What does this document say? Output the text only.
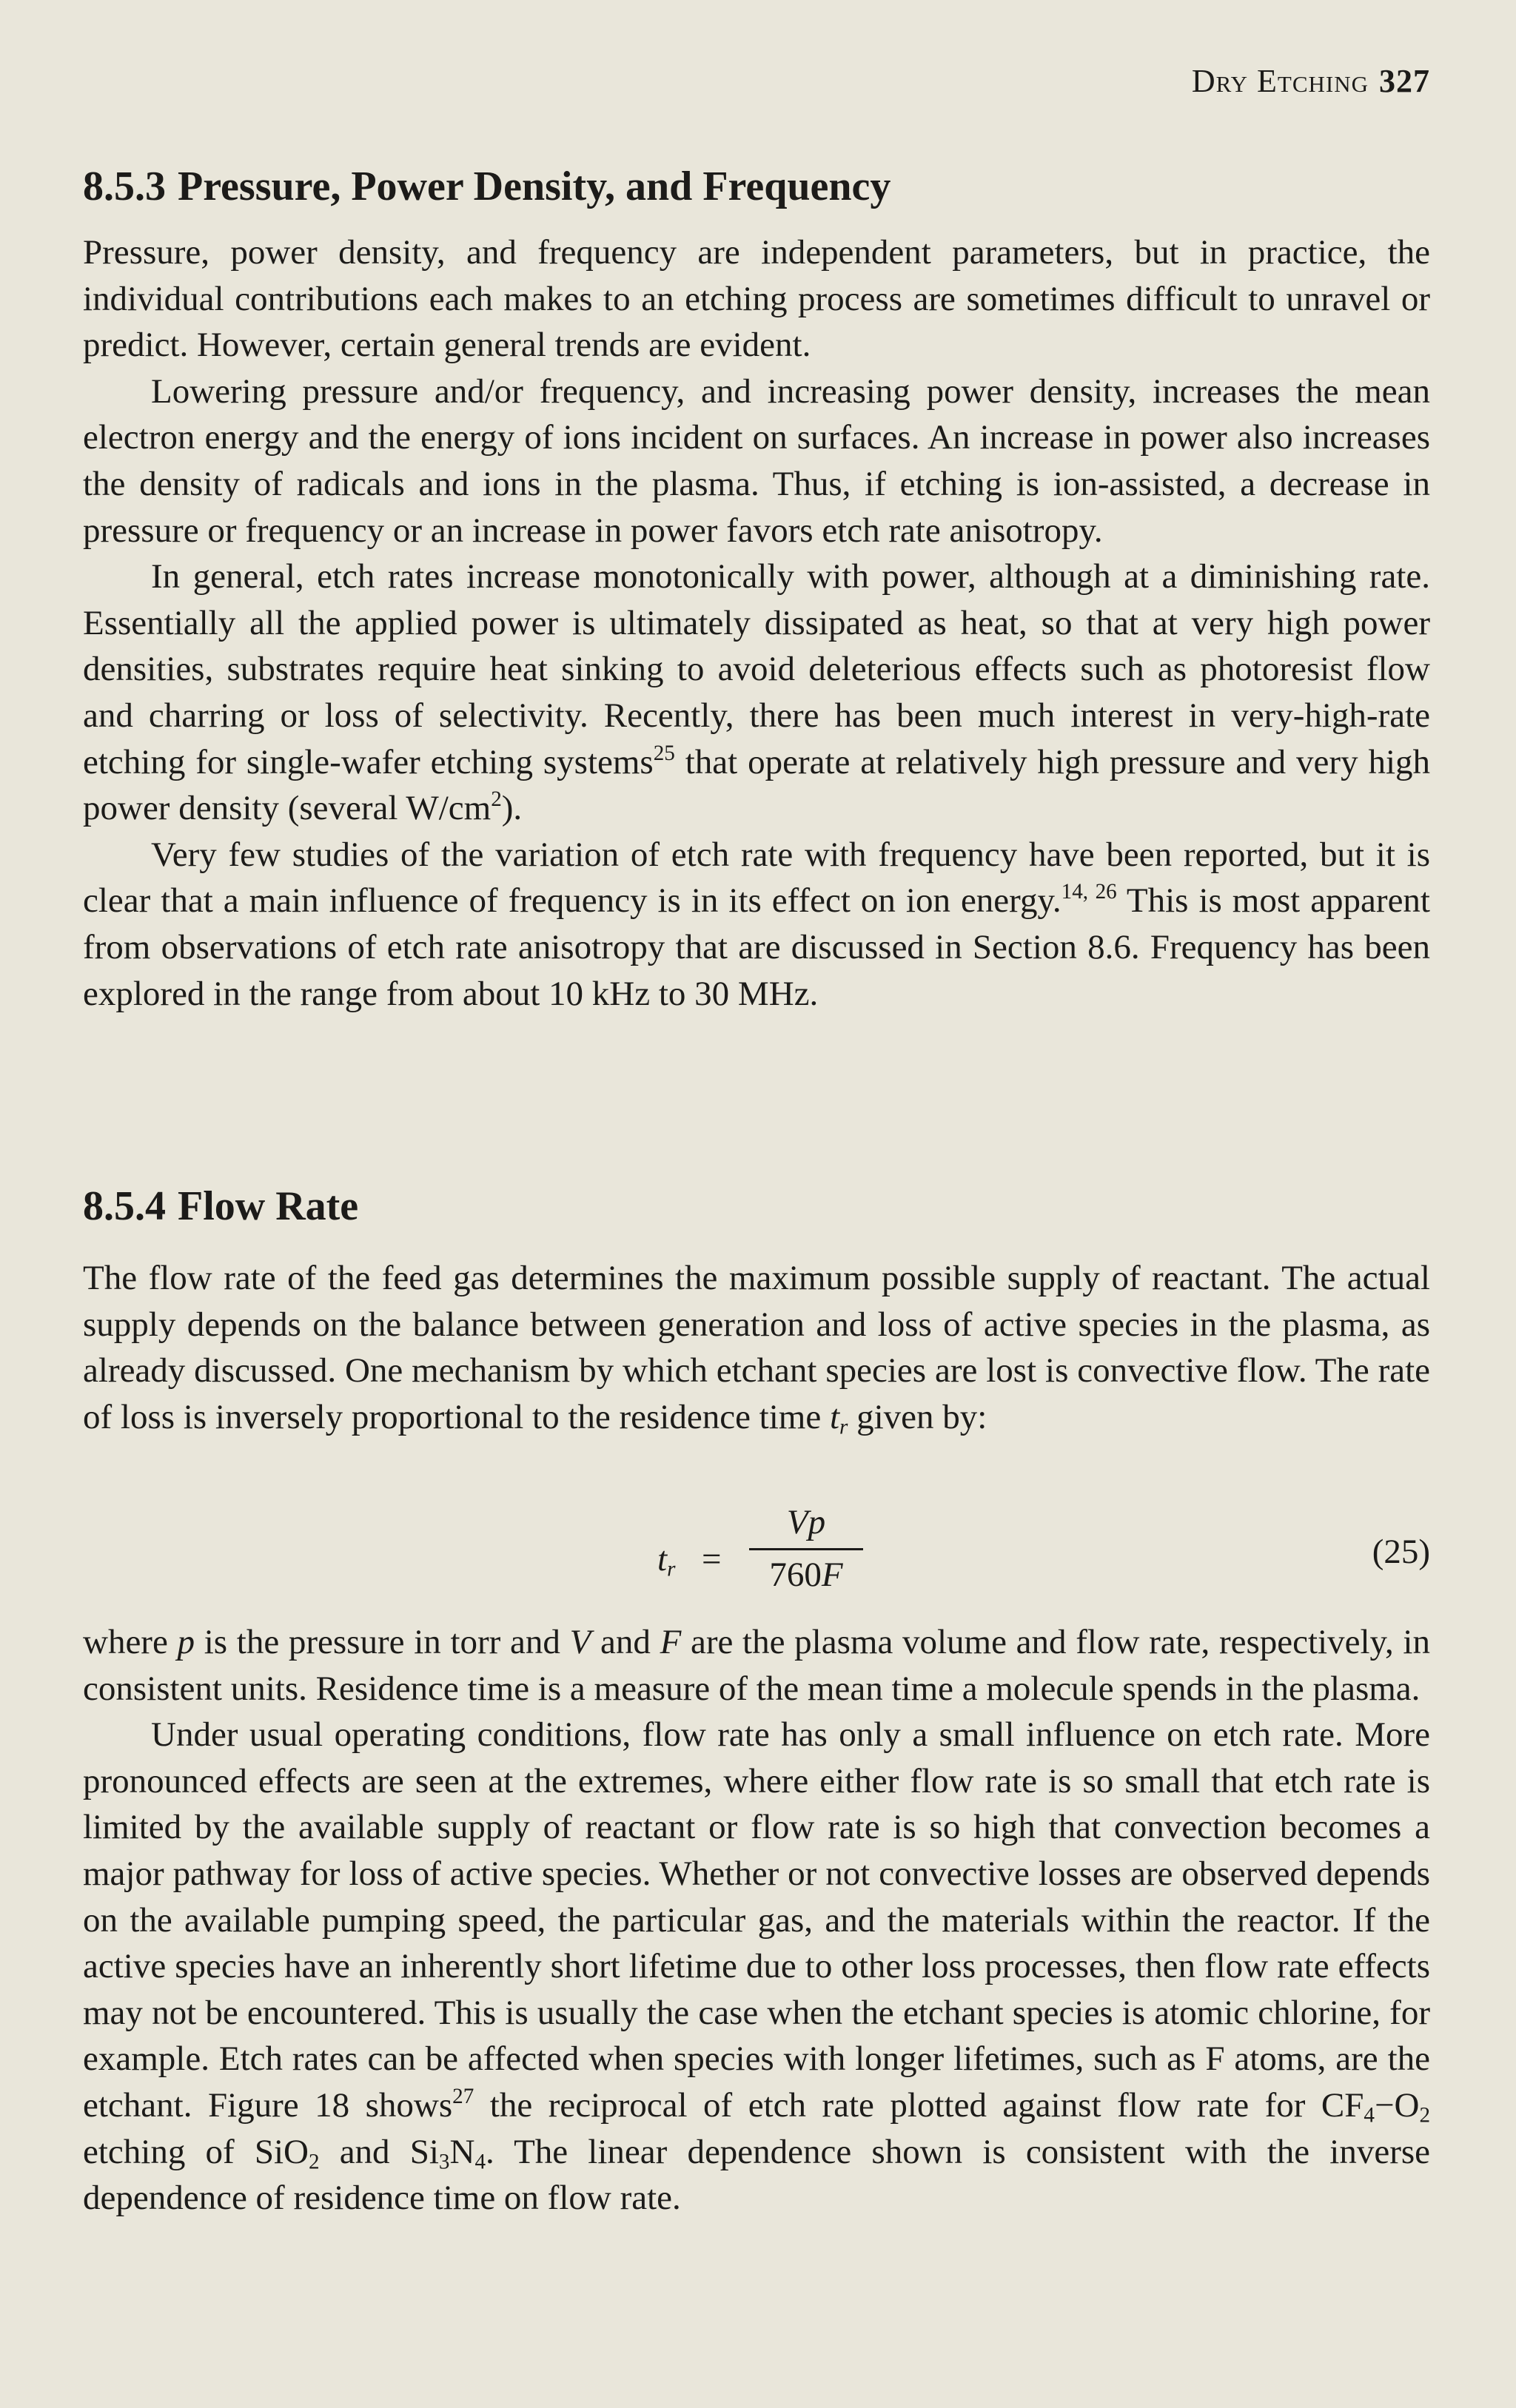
Dry Etching 327
8.5.3 Pressure, Power Density, and Frequency

Pressure, power density, and frequency are independent parameters, but in practice, the individual contributions each makes to an etching process are sometimes difficult to unravel or predict. However, certain general trends are evident.

Lowering pressure and/or frequency, and increasing power density, increases the mean electron energy and the energy of ions incident on surfaces. An increase in power also increases the density of radicals and ions in the plasma. Thus, if etching is ion-assisted, a decrease in pressure or frequency or an increase in power favors etch rate anisotropy.

In general, etch rates increase monotonically with power, although at a diminishing rate. Essentially all the applied power is ultimately dissipated as heat, so that at very high power densities, substrates require heat sinking to avoid deleterious effects such as photoresist flow and charring or loss of selectivity. Recently, there has been much interest in very-high-rate etching for single-wafer etching systems$^{25}$ that operate at relatively high pressure and very high power density (several $W/cm^2$).

Very few studies of the variation of etch rate with frequency have been reported, but it is clear that a main influence of frequency is in its effect on ion energy.$^{14, 26}$ This is most apparent from observations of etch rate anisotropy that are discussed in Section 8.6. Frequency has been explored in the range from about 10 kHz to 30 MHz.

8.5.4 Flow Rate

The flow rate of the feed gas determines the maximum possible supply of reactant. The actual supply depends on the balance between generation and loss of active species in the plasma, as already discussed. One mechanism by which etchant species are lost is convective flow. The rate of loss is inversely proportional to the residence time $t_r$ given by:

$t_r$ =
Vp
760F
(25)

where p is the pressure in torr and V and F are the plasma volume and flow rate, respectively, in consistent units. Residence time is a measure of the mean time a molecule spends in the plasma.

Under usual operating conditions, flow rate has only a small influence on etch rate. More pronounced effects are seen at the extremes, where either flow rate is so small that etch rate is limited by the available supply of reactant or flow rate is so high that convection becomes a major pathway for loss of active species. Whether or not convective losses are observed depends on the available pumping speed, the particular gas, and the materials within the reactor. If the active species have an inherently short lifetime due to other loss processes, then flow rate effects may not be encountered. This is usually the case when the etchant species is atomic chlorine, for example. Etch rates can be affected when species with longer lifetimes, such as F atoms, are the etchant. Figure 18 shows$^{27}$ the reciprocal of etch rate plotted against flow rate for $CF_4-O_2$ etching of SiO$_2$ and $Si_3N_4$. The linear dependence shown is consistent with the inverse dependence of residence time on flow rate.
